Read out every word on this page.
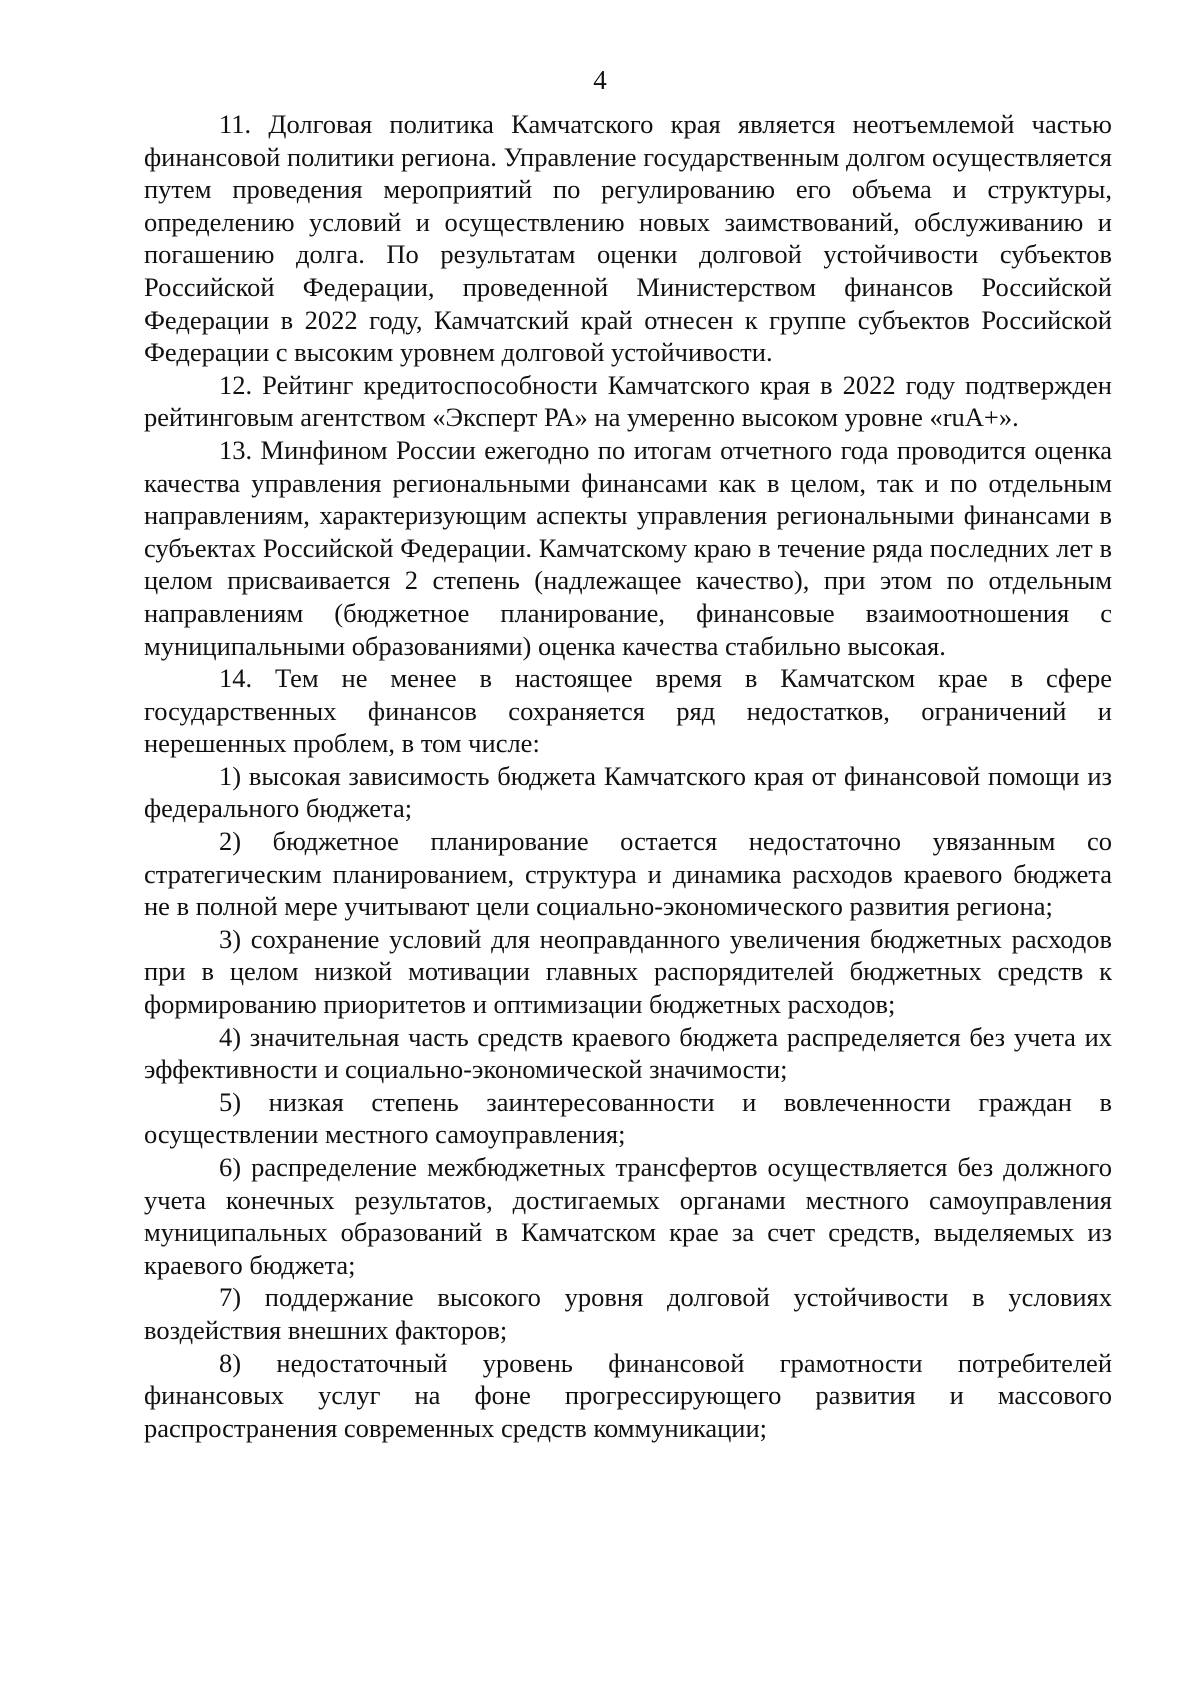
4

11. Долговая политика Камчатского края является неотъемлемой частью финансовой политики региона. Управление государственным долгом осуществляется путем проведения мероприятий по регулированию его объема и структуры, определению условий и осуществлению новых заимствований, обслуживанию и погашению долга. По результатам оценки долговой устойчивости субъектов Российской Федерации, проведенной Министерством финансов Российской Федерации в 2022 году, Камчатский край отнесен к группе субъектов Российской Федерации с высоким уровнем долговой устойчивости.

12. Рейтинг кредитоспособности Камчатского края в 2022 году подтвержден рейтинговым агентством «Эксперт РА» на умеренно высоком уровне «ruA+».

13. Минфином России ежегодно по итогам отчетного года проводится оценка качества управления региональными финансами как в целом, так и по отдельным направлениям, характеризующим аспекты управления региональными финансами в субъектах Российской Федерации. Камчатскому краю в течение ряда последних лет в целом присваивается 2 степень (надлежащее качество), при этом по отдельным направлениям (бюджетное планирование, финансовые взаимоотношения с муниципальными образованиями) оценка качества стабильно высокая.

14. Тем не менее в настоящее время в Камчатском крае в сфере государственных финансов сохраняется ряд недостатков, ограничений и нерешенных проблем, в том числе:

1) высокая зависимость бюджета Камчатского края от финансовой помощи из федерального бюджета;

2) бюджетное планирование остается недостаточно увязанным со стратегическим планированием, структура и динамика расходов краевого бюджета не в полной мере учитывают цели социально-экономического развития региона;

3) сохранение условий для неоправданного увеличения бюджетных расходов при в целом низкой мотивации главных распорядителей бюджетных средств к формированию приоритетов и оптимизации бюджетных расходов;

4) значительная часть средств краевого бюджета распределяется без учета их эффективности и социально-экономической значимости;

5) низкая степень заинтересованности и вовлеченности граждан в осуществлении местного самоуправления;

6) распределение межбюджетных трансфертов осуществляется без должного учета конечных результатов, достигаемых органами местного самоуправления муниципальных образований в Камчатском крае за счет средств, выделяемых из краевого бюджета;

7) поддержание высокого уровня долговой устойчивости в условиях воздействия внешних факторов;

8) недостаточный уровень финансовой грамотности потребителей финансовых услуг на фоне прогрессирующего развития и массового распространения современных средств коммуникации;
